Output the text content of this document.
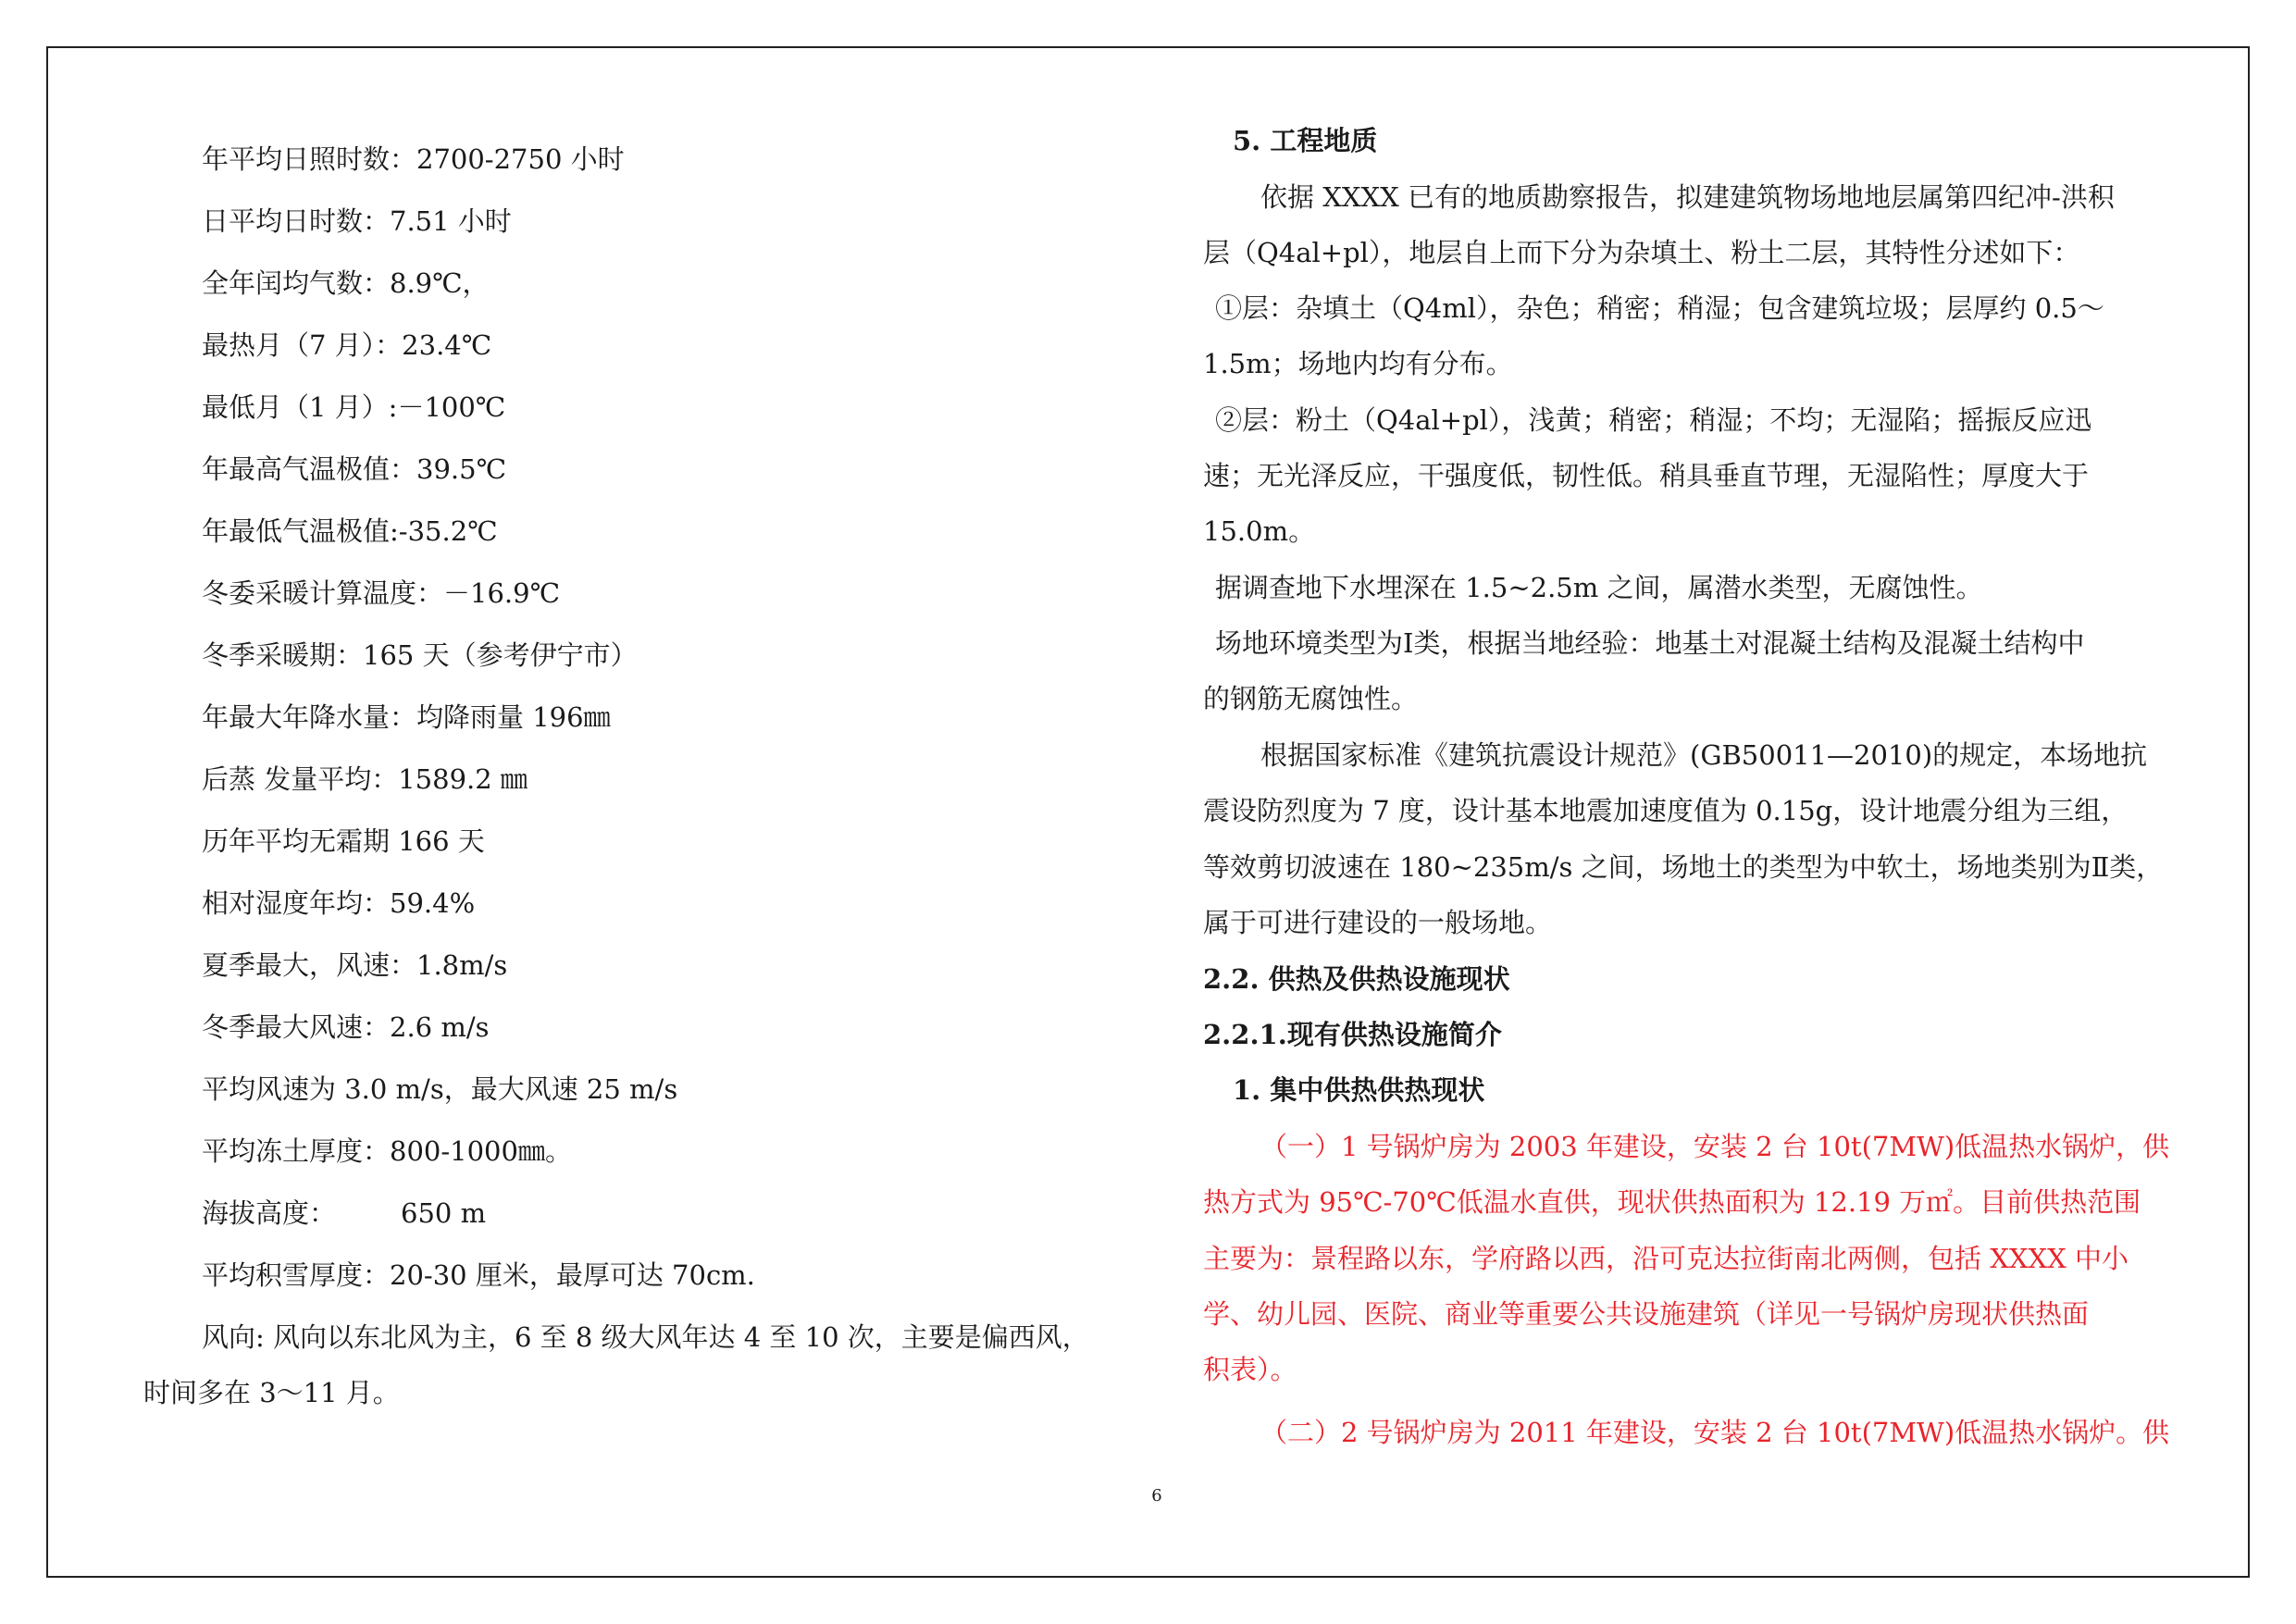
年平均日照时数：2700-2750 小时
日平均日时数：7.51 小时
全年闰均气数：8.9℃，
最热月（7 月）：23.4℃
最低月（1 月）:－100℃
年最高气温极值：39.5℃
年最低气温极值:-35.2℃
冬委采暖计算温度：－16.9℃
冬季采暖期：165 天（参考伊宁市）
年最大年降水量：均降雨量 196㎜
后蒸 发量平均：1589.2 ㎜
历年平均无霜期 166 天
相对湿度年均：59.4%
夏季最大，风速：1.8m/s
冬季最大风速：2.6 m/s
平均风速为 3.0 m/s，最大风速 25 m/s
平均冻土厚度：800-1000㎜。
海拔高度： 650 m
平均积雪厚度：20-30 厘米，最厚可达 70cm.
风向: 风向以东北风为主，6 至 8 级大风年达 4 至 10 次，主要是偏西风，
时间多在 3～11 月。
5. 工程地质
依据 XXXX 已有的地质勘察报告，拟建建筑物场地地层属第四纪冲-洪积
层（Q4al+pl），地层自上而下分为杂填土、粉土二层，其特性分述如下：
①层：杂填土（Q4ml），杂色；稍密；稍湿；包含建筑垃圾；层厚约 0.5～
1.5m；场地内均有分布。
②层：粉土（Q4al+pl），浅黄；稍密；稍湿；不均；无湿陷；摇振反应迅
速；无光泽反应，干强度低，韧性低。稍具垂直节理，无湿陷性；厚度大于
15.0m。
据调查地下水埋深在 1.5~2.5m 之间，属潜水类型，无腐蚀性。
场地环境类型为Ⅰ类，根据当地经验：地基土对混凝土结构及混凝土结构中
的钢筋无腐蚀性。
根据国家标准《建筑抗震设计规范》(GB50011—2010)的规定，本场地抗
震设防烈度为 7 度，设计基本地震加速度值为 0.15g，设计地震分组为三组，
等效剪切波速在 180~235m/s 之间，场地土的类型为中软土，场地类别为Ⅱ类，
属于可进行建设的一般场地。
2.2. 供热及供热设施现状
2.2.1.现有供热设施简介
1. 集中供热供热现状
（一）1 号锅炉房为 2003 年建设，安装 2 台 10t(7MW)低温热水锅炉，供
热方式为 95℃-70℃低温水直供，现状供热面积为 12.19 万㎡。目前供热范围
主要为：景程路以东，学府路以西，沿可克达拉街南北两侧，包括 XXXX 中小
学、幼儿园、医院、商业等重要公共设施建筑（详见一号锅炉房现状供热面
积表）。
（二）2 号锅炉房为 2011 年建设，安装 2 台 10t(7MW)低温热水锅炉。供
6
